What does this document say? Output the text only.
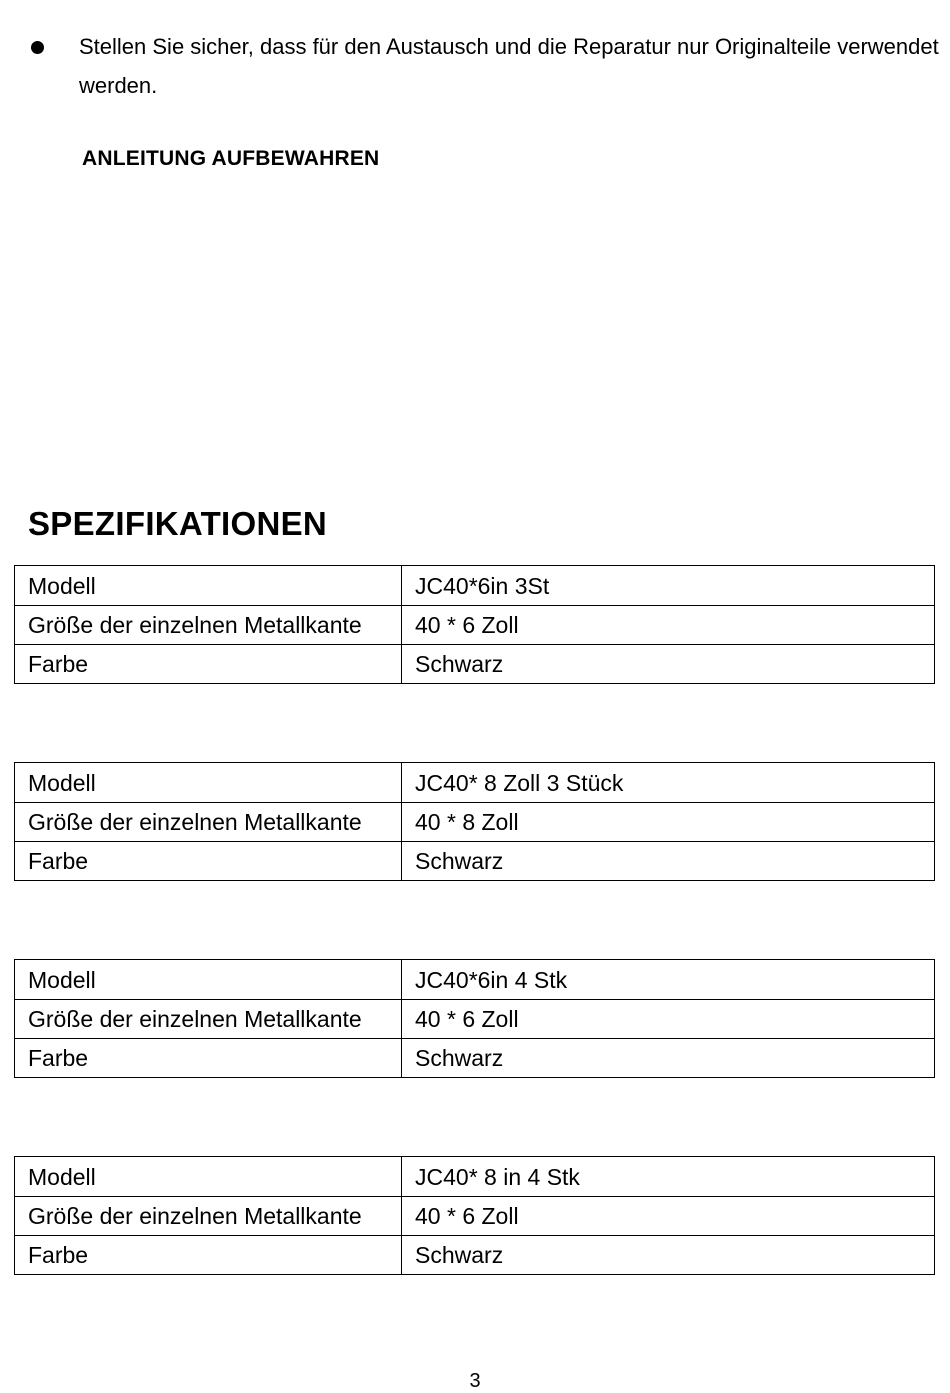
Stellen Sie sicher, dass für den Austausch und die Reparatur nur Originalteile verwendet werden.
ANLEITUNG AUFBEWAHREN
SPEZIFIKATIONEN
Modell	JC40*6in 3St
Größe der einzelnen Metallkante	40 * 6 Zoll
Farbe	Schwarz
Modell	JC40* 8 Zoll 3 Stück
Größe der einzelnen Metallkante	40 * 8 Zoll
Farbe	Schwarz
Modell	JC40*6in 4 Stk
Größe der einzelnen Metallkante	40 * 6 Zoll
Farbe	Schwarz
Modell	JC40* 8 in 4 Stk
Größe der einzelnen Metallkante	40 * 6 Zoll
Farbe	Schwarz
3
